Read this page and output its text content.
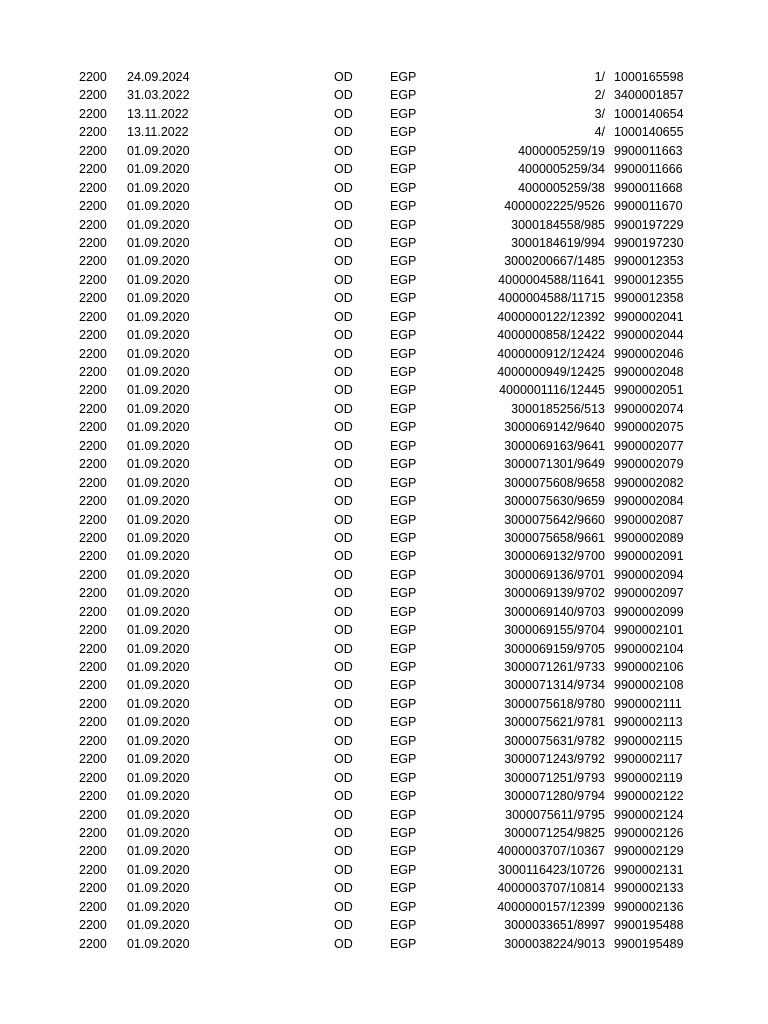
2200 24.09.2024	OD	EGP	1/ 1000165598
2200 31.03.2022	OD	EGP	2/ 3400001857
2200 13.11.2022	OD	EGP	3/ 1000140654
2200 13.11.2022	OD	EGP	4/ 1000140655
2200 01.09.2020	OD	EGP	4000005259/19 9900011663
2200 01.09.2020	OD	EGP	4000005259/34 9900011666
2200 01.09.2020	OD	EGP	4000005259/38 9900011668
2200 01.09.2020	OD	EGP	4000002225/9526 9900011670
2200 01.09.2020	OD	EGP	3000184558/985 9900197229
2200 01.09.2020	OD	EGP	3000184619/994 9900197230
2200 01.09.2020	OD	EGP	3000200667/1485 9900012353
2200 01.09.2020	OD	EGP	4000004588/11641 9900012355
2200 01.09.2020	OD	EGP	4000004588/11715 9900012358
2200 01.09.2020	OD	EGP	4000000122/12392 9900002041
2200 01.09.2020	OD	EGP	4000000858/12422 9900002044
2200 01.09.2020	OD	EGP	4000000912/12424 9900002046
2200 01.09.2020	OD	EGP	4000000949/12425 9900002048
2200 01.09.2020	OD	EGP	4000001116/12445 9900002051
2200 01.09.2020	OD	EGP	3000185256/513 9900002074
2200 01.09.2020	OD	EGP	3000069142/9640 9900002075
2200 01.09.2020	OD	EGP	3000069163/9641 9900002077
2200 01.09.2020	OD	EGP	3000071301/9649 9900002079
2200 01.09.2020	OD	EGP	3000075608/9658 9900002082
2200 01.09.2020	OD	EGP	3000075630/9659 9900002084
2200 01.09.2020	OD	EGP	3000075642/9660 9900002087
2200 01.09.2020	OD	EGP	3000075658/9661 9900002089
2200 01.09.2020	OD	EGP	3000069132/9700 9900002091
2200 01.09.2020	OD	EGP	3000069136/9701 9900002094
2200 01.09.2020	OD	EGP	3000069139/9702 9900002097
2200 01.09.2020	OD	EGP	3000069140/9703 9900002099
2200 01.09.2020	OD	EGP	3000069155/9704 9900002101
2200 01.09.2020	OD	EGP	3000069159/9705 9900002104
2200 01.09.2020	OD	EGP	3000071261/9733 9900002106
2200 01.09.2020	OD	EGP	3000071314/9734 9900002108
2200 01.09.2020	OD	EGP	3000075618/9780 9900002111
2200 01.09.2020	OD	EGP	3000075621/9781 9900002113
2200 01.09.2020	OD	EGP	3000075631/9782 9900002115
2200 01.09.2020	OD	EGP	3000071243/9792 9900002117
2200 01.09.2020	OD	EGP	3000071251/9793 9900002119
2200 01.09.2020	OD	EGP	3000071280/9794 9900002122
2200 01.09.2020	OD	EGP	3000075611/9795 9900002124
2200 01.09.2020	OD	EGP	3000071254/9825 9900002126
2200 01.09.2020	OD	EGP	4000003707/10367 9900002129
2200 01.09.2020	OD	EGP	3000116423/10726 9900002131
2200 01.09.2020	OD	EGP	4000003707/10814 9900002133
2200 01.09.2020	OD	EGP	4000000157/12399 9900002136
2200 01.09.2020	OD	EGP	3000033651/8997 9900195488
2200 01.09.2020	OD	EGP	3000038224/9013 9900195489
